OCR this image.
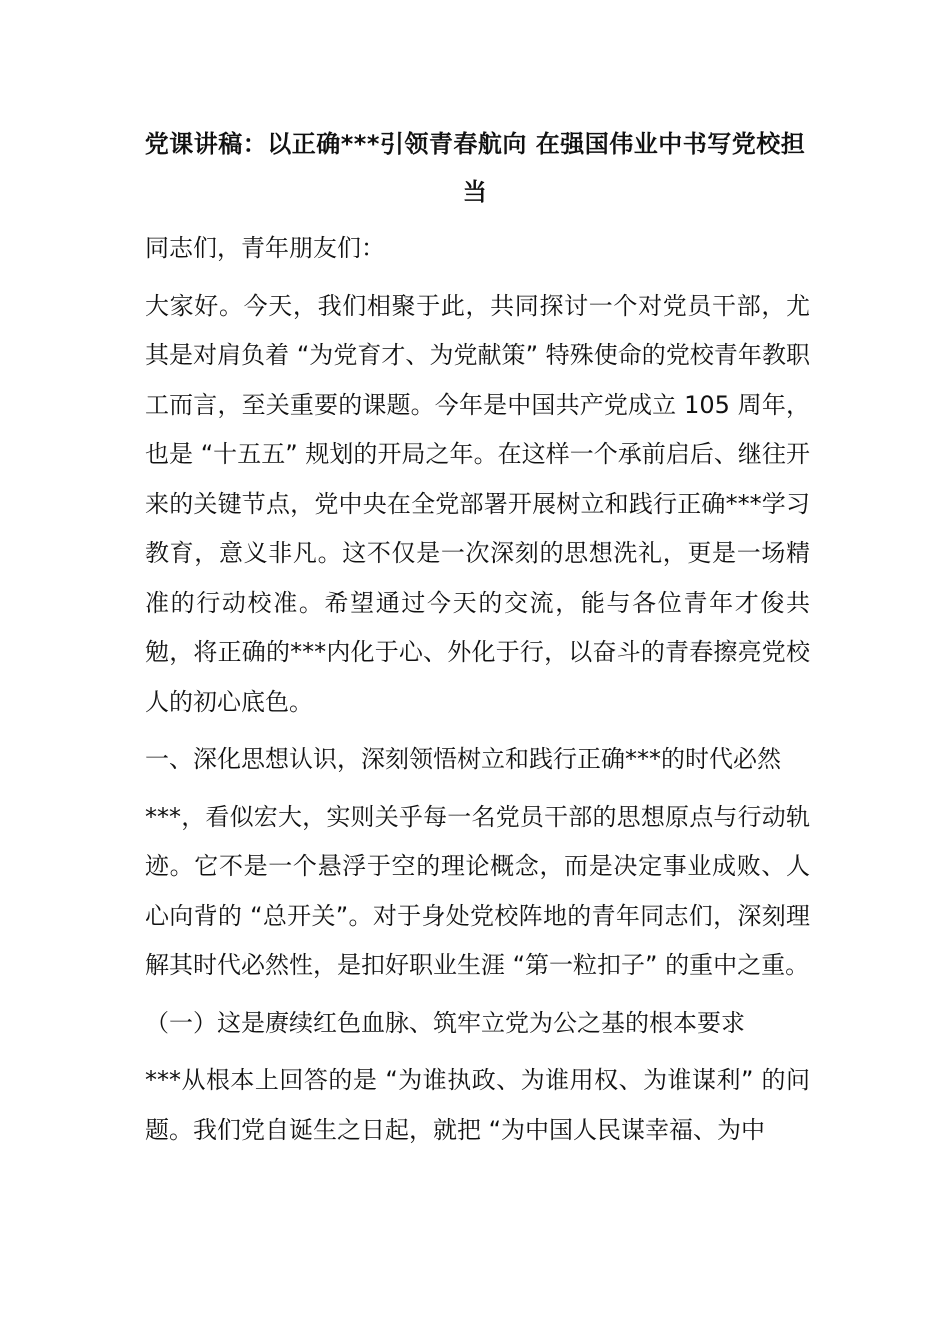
党课讲稿：以正确***引领青春航向 在强国伟业中书写党校担当

同志们，青年朋友们：

大家好。今天，我们相聚于此，共同探讨一个对党员干部，尤其是对肩负着 “为党育才、为党献策” 特殊使命的党校青年教职工而言，至关重要的课题。今年是中国共产党成立 105 周年，也是 “十五五” 规划的开局之年。在这样一个承前启后、继往开来的关键节点，党中央在全党部署开展树立和践行正确***学习教育，意义非凡。这不仅是一次深刻的思想洗礼，更是一场精准的行动校准。希望通过今天的交流，能与各位青年才俊共勉，将正确的***内化于心、外化于行，以奋斗的青春擦亮党校人的初心底色。

一、深化思想认识，深刻领悟树立和践行正确***的时代必然

***，看似宏大，实则关乎每一名党员干部的思想原点与行动轨迹。它不是一个悬浮于空的理论概念，而是决定事业成败、人心向背的 “总开关”。对于身处党校阵地的青年同志们，深刻理解其时代必然性，是扣好职业生涯 “第一粒扣子” 的重中之重。

（一）这是赓续红色血脉、筑牢立党为公之基的根本要求

***从根本上回答的是 “为谁执政、为谁用权、为谁谋利” 的问题。我们党自诞生之日起，就把 “为中国人民谋幸福、为中
